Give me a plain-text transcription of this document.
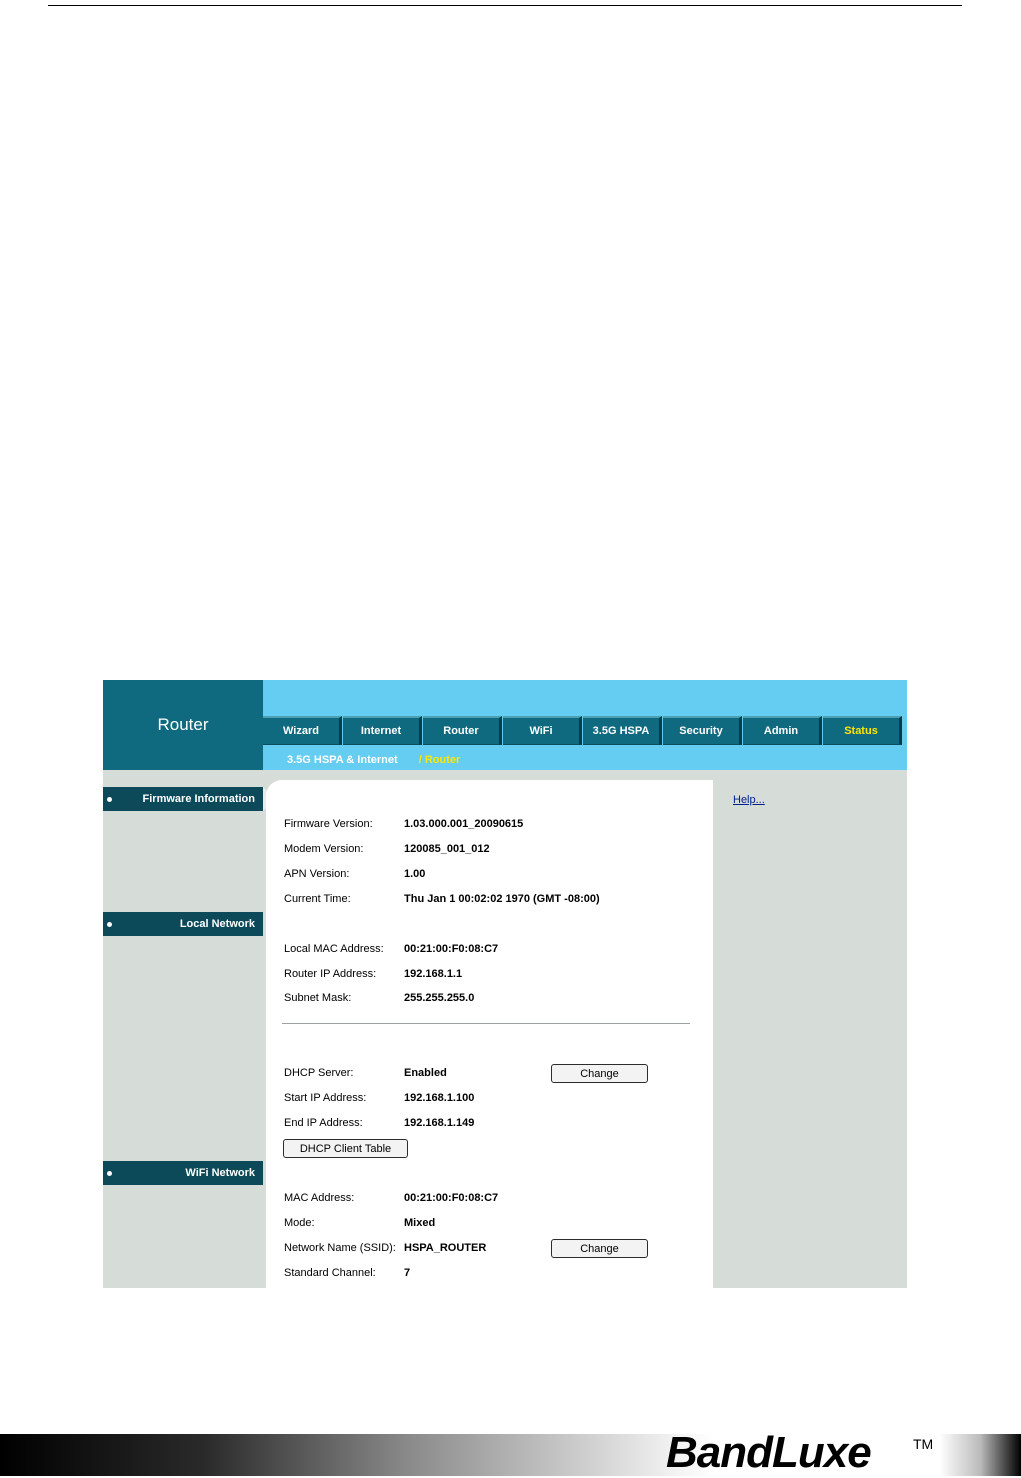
Router	Wizard	Internet	Router	WiFi	3.5G HSPA	Security	Admin	Status
3.5G HSPA & Internet / Router
Firmware Information
Local Network
WiFi Network
Firmware Version:	1.03.000.001_20090615
Modem Version:	120085_001_012
APN Version:	1.00
Current Time:	Thu Jan 1 00:02:02 1970 (GMT -08:00)
Local MAC Address:	00:21:00:F0:08:C7
Router IP Address:	192.168.1.1
Subnet Mask:	255.255.255.0
DHCP Server:	Enabled	Change
Start IP Address:	192.168.1.100
End IP Address:	192.168.1.149
DHCP Client Table
MAC Address:	00:21:00:F0:08:C7
Mode:	Mixed
Network Name (SSID): HSPA_ROUTER	Change
Standard Channel:	7
Help...
BandLuxe	TM
